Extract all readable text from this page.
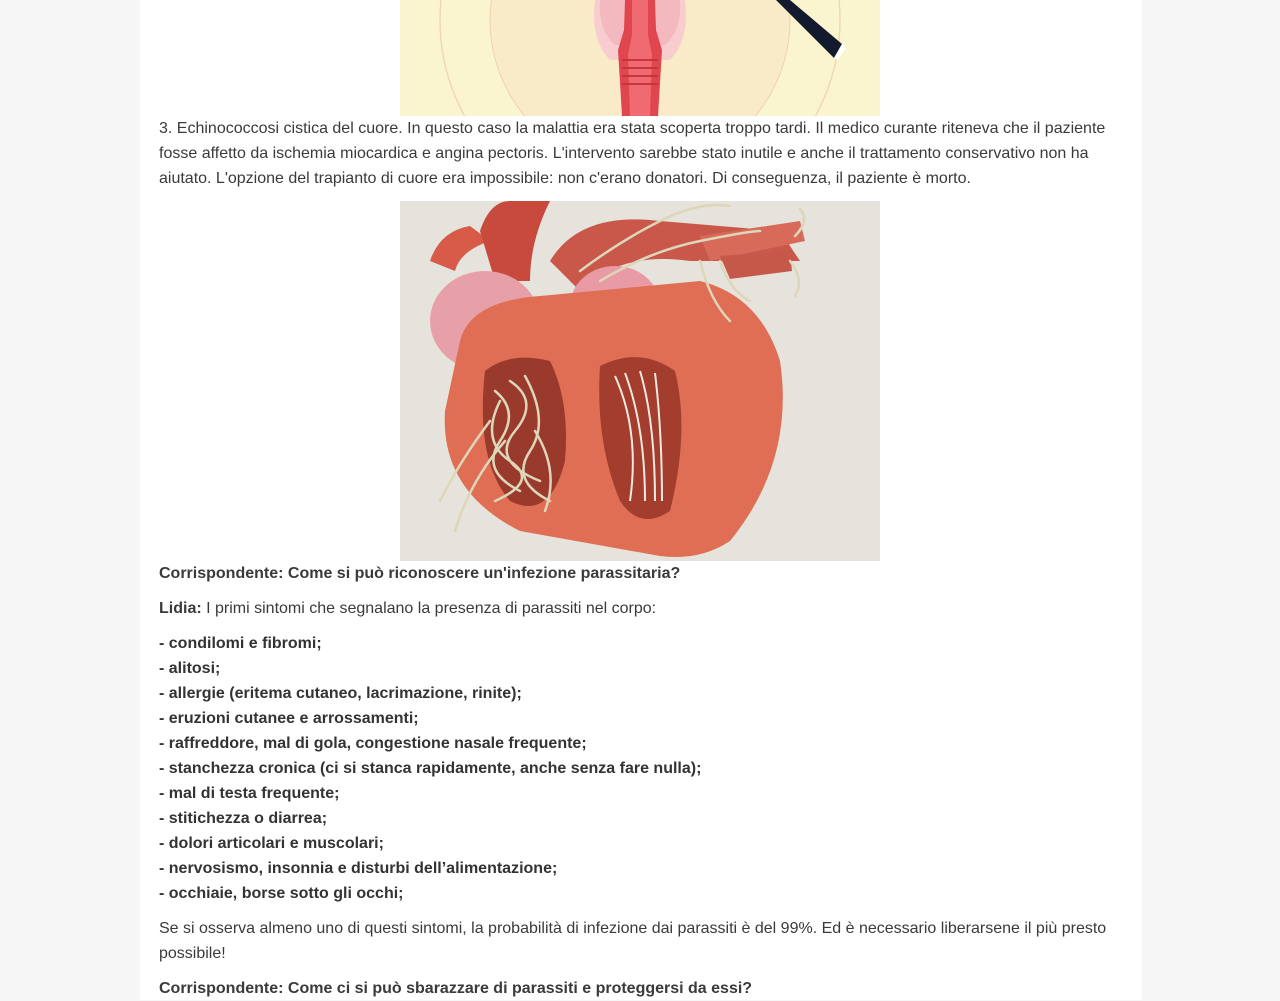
3. Echinococcosi cistica del cuore. In questo caso la malattia era stata scoperta troppo tardi. Il medico curante riteneva che il paziente fosse affetto da ischemia miocardica e angina pectoris. L'intervento sarebbe stato inutile e anche il trattamento conservativo non ha aiutato. L'opzione del trapianto di cuore era impossibile: non c'erano donatori. Di conseguenza, il paziente è morto.

Corrispondente: Come si può riconoscere un'infezione parassitaria?

Lidia: I primi sintomi che segnalano la presenza di parassiti nel corpo:

- condilomi e fibromi;
- alitosi;
- allergie (eritema cutaneo, lacrimazione, rinite);
- eruzioni cutanee e arrossamenti;
- raffreddore, mal di gola, congestione nasale frequente;
- stanchezza cronica (ci si stanca rapidamente, anche senza fare nulla);
- mal di testa frequente;
- stitichezza o diarrea;
- dolori articolari e muscolari;
- nervosismo, insonnia e disturbi dell’alimentazione;
- occhiaie, borse sotto gli occhi;

Se si osserva almeno uno di questi sintomi, la probabilità di infezione dai parassiti è del 99%. Ed è necessario liberarsene il più presto possibile!

Corrispondente: Come ci si può sbarazzare di parassiti e proteggersi da essi?
